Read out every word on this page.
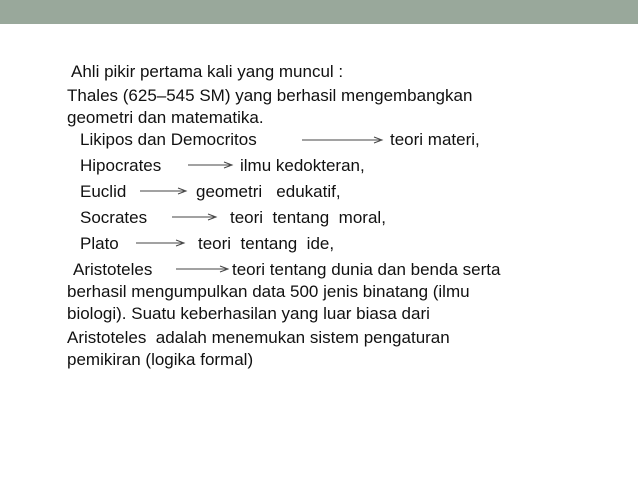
Ahli pikir pertama kali yang muncul :
Thales (625–545 SM) yang berhasil mengembangkan
geometri dan matematika.
Likipos dan Democritos	teori materi,
Hipocrates	ilmu kedokteran,
Euclid	geometri   edukatif,
Socrates	teori  tentang  moral,
Plato	teori  tentang  ide,
Aristoteles	teori tentang dunia dan benda serta
berhasil mengumpulkan data 500 jenis binatang (ilmu
biologi). Suatu keberhasilan yang luar biasa dari
Aristoteles  adalah menemukan sistem pengaturan
pemikiran (logika formal)
